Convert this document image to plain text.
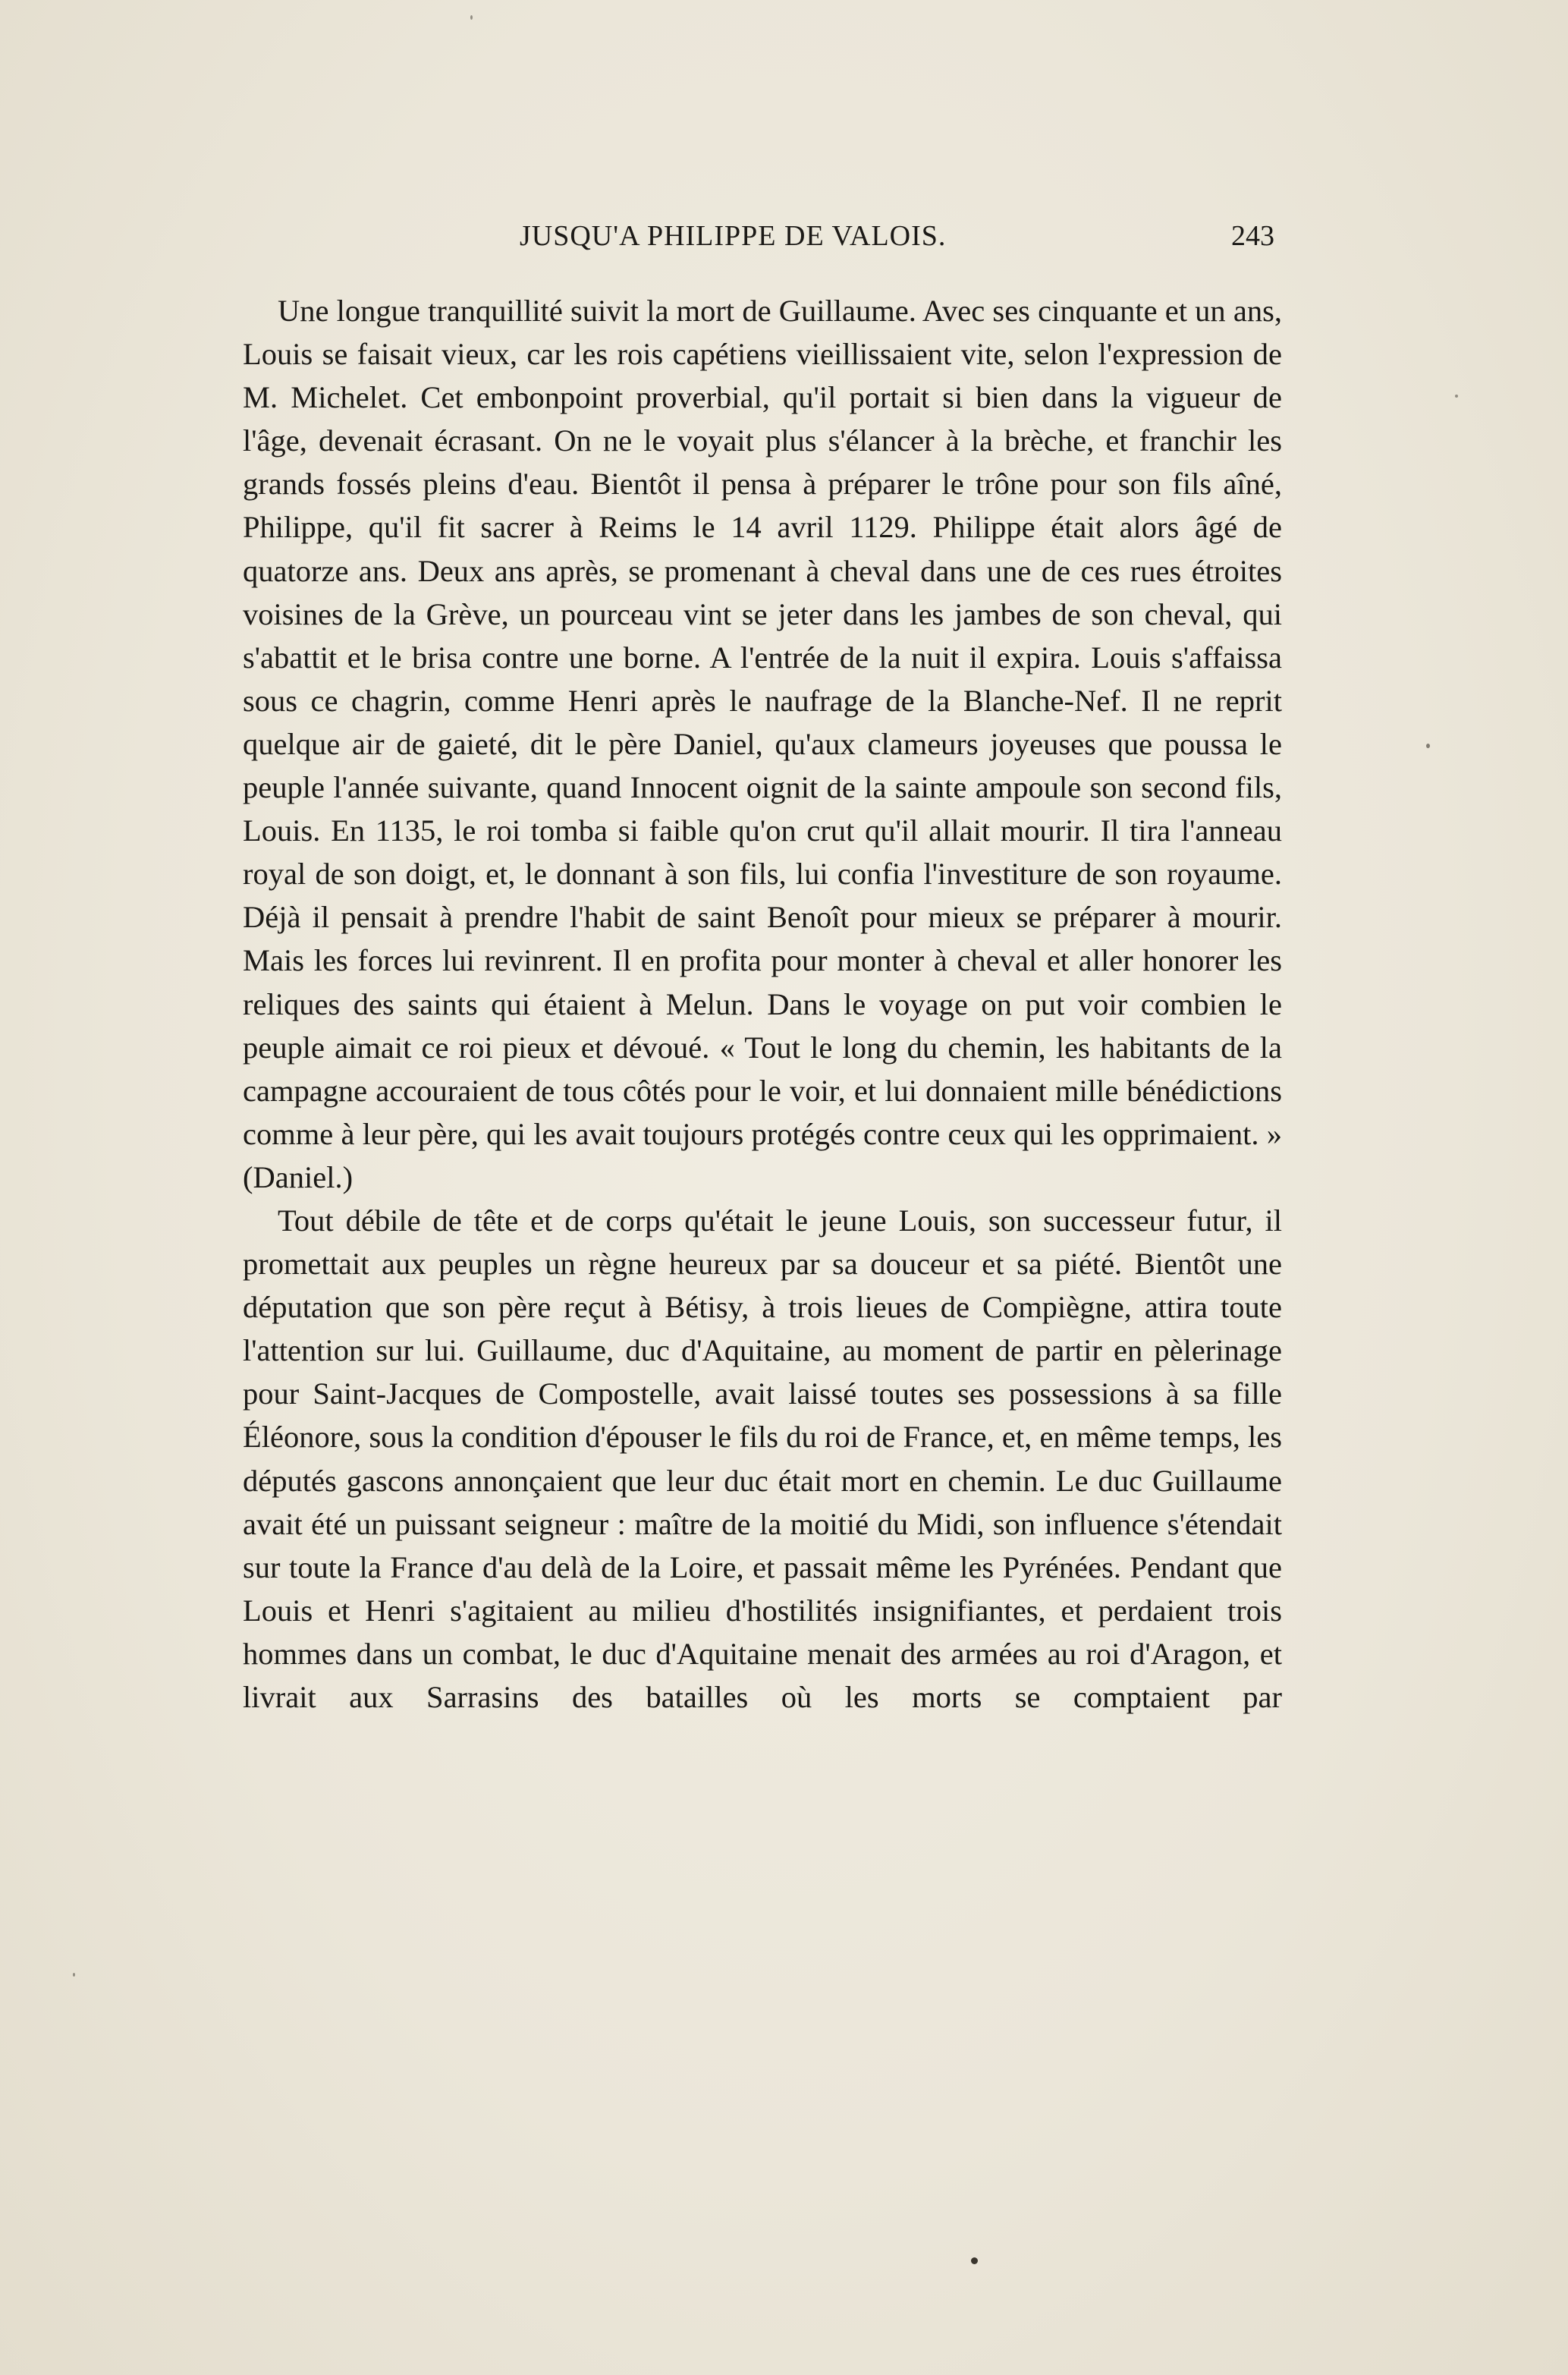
JUSQU'A PHILIPPE DE VALOIS.	243

Une longue tranquillité suivit la mort de Guillaume. Avec ses cinquante et un ans, Louis se faisait vieux, car les rois capétiens vieillissaient vite, selon l'expression de M. Michelet. Cet embonpoint proverbial, qu'il portait si bien dans la vigueur de l'âge, devenait écrasant. On ne le voyait plus s'élancer à la brèche, et franchir les grands fossés pleins d'eau. Bientôt il pensa à préparer le trône pour son fils aîné, Philippe, qu'il fit sacrer à Reims le 14 avril 1129. Philippe était alors âgé de quatorze ans. Deux ans après, se promenant à cheval dans une de ces rues étroites voisines de la Grève, un pourceau vint se jeter dans les jambes de son cheval, qui s'abattit et le brisa contre une borne. A l'entrée de la nuit il expira. Louis s'affaissa sous ce chagrin, comme Henri après le naufrage de la Blanche-Nef. Il ne reprit quelque air de gaieté, dit le père Daniel, qu'aux clameurs joyeuses que poussa le peuple l'année suivante, quand Innocent oignit de la sainte ampoule son second fils, Louis. En 1135, le roi tomba si faible qu'on crut qu'il allait mourir. Il tira l'anneau royal de son doigt, et, le donnant à son fils, lui confia l'investiture de son royaume. Déjà il pensait à prendre l'habit de saint Benoît pour mieux se préparer à mourir. Mais les forces lui revinrent. Il en profita pour monter à cheval et aller honorer les reliques des saints qui étaient à Melun. Dans le voyage on put voir combien le peuple aimait ce roi pieux et dévoué. « Tout le long du chemin, les habitants de la campagne accouraient de tous côtés pour le voir, et lui donnaient mille bénédictions comme à leur père, qui les avait toujours protégés contre ceux qui les opprimaient. » (Daniel.)

Tout débile de tête et de corps qu'était le jeune Louis, son successeur futur, il promettait aux peuples un règne heureux par sa douceur et sa piété. Bientôt une députation que son père reçut à Bétisy, à trois lieues de Compiègne, attira toute l'attention sur lui. Guillaume, duc d'Aquitaine, au moment de partir en pèlerinage pour Saint-Jacques de Compostelle, avait laissé toutes ses possessions à sa fille Éléonore, sous la condition d'épouser le fils du roi de France, et, en même temps, les députés gascons annonçaient que leur duc était mort en chemin. Le duc Guillaume avait été un puissant seigneur : maître de la moitié du Midi, son influence s'étendait sur toute la France d'au delà de la Loire, et passait même les Pyrénées. Pendant que Louis et Henri s'agitaient au milieu d'hostilités insignifiantes, et perdaient trois hommes dans un combat, le duc d'Aquitaine menait des armées au roi d'Aragon, et livrait aux Sarrasins des batailles où les morts se comptaient par
